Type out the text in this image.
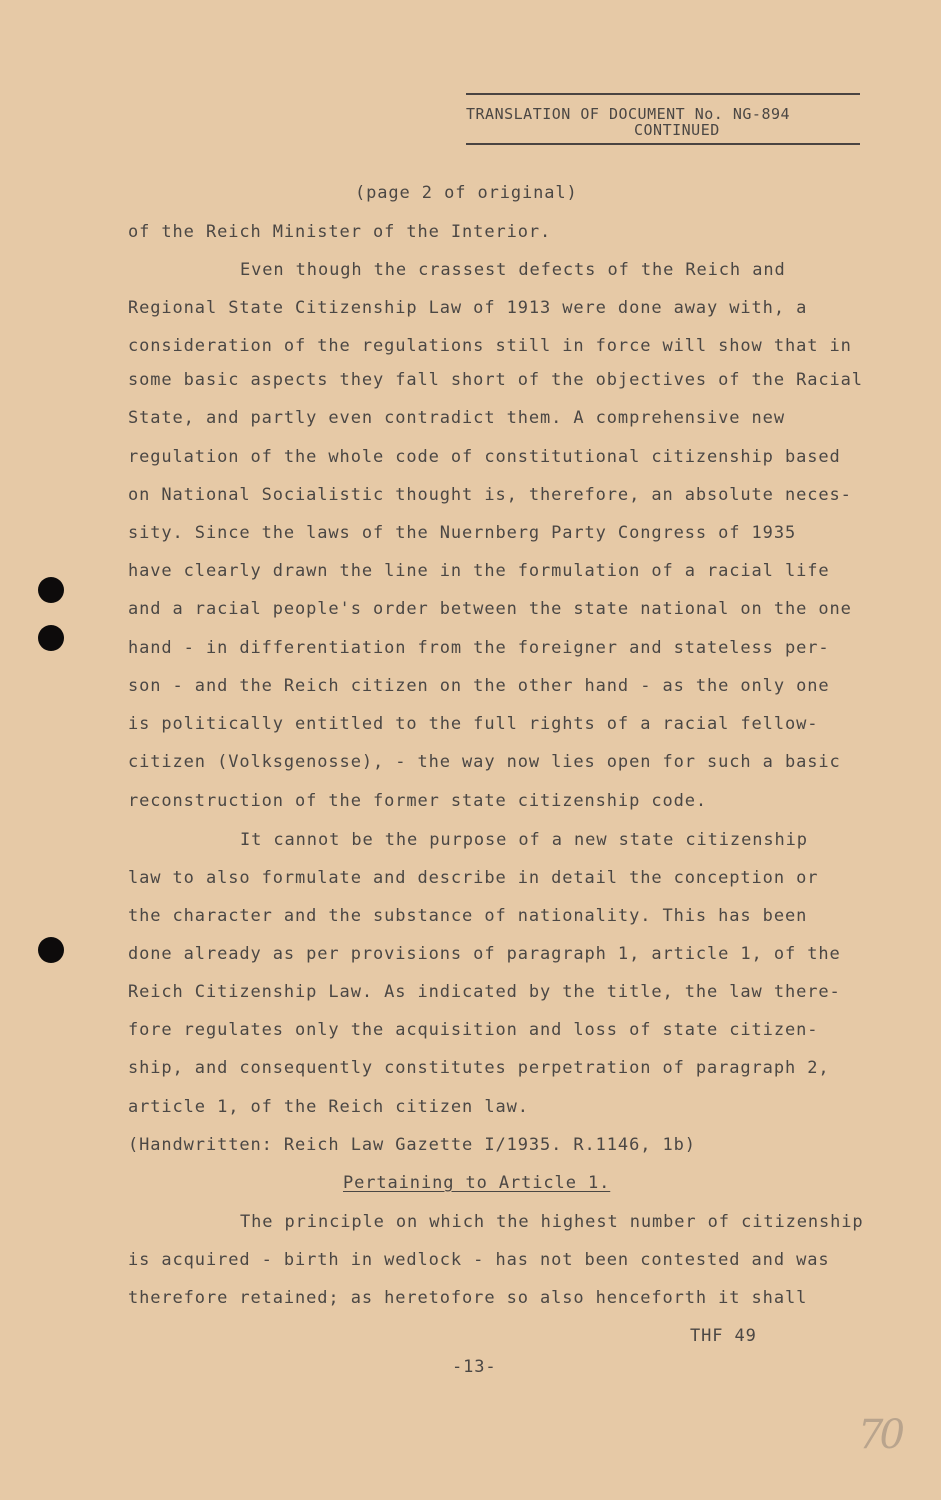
TRANSLATION OF DOCUMENT No. NG-894
CONTINUED
(page 2 of original)
of the Reich Minister of the Interior.
Even though the crassest defects of the Reich and
Regional State Citizenship Law of 1913 were done away with, a
consideration of the regulations still in force will show that in
some basic aspects they fall short of the objectives of the Racial
State, and partly even contradict them. A comprehensive new
regulation of the whole code of constitutional citizenship based
on National Socialistic thought is, therefore, an absolute neces-
sity. Since the laws of the Nuernberg Party Congress of 1935
have clearly drawn the line in the formulation of a racial life
and a racial people's order between the state national on the one
hand - in differentiation from the foreigner and stateless per-
son - and the Reich citizen on the other hand - as the only one
is politically entitled to the full rights of a racial fellow-
citizen (Volksgenosse), - the way now lies open for such a basic
reconstruction of the former state citizenship code.
It cannot be the purpose of a new state citizenship
law to also formulate and describe in detail the conception or
the character and the substance of nationality. This has been
done already as per provisions of paragraph 1, article 1, of the
Reich Citizenship Law. As indicated by the title, the law there-
fore regulates only the acquisition and loss of state citizen-
ship, and consequently constitutes perpetration of paragraph 2,
article 1, of the Reich citizen law.
(Handwritten: Reich Law Gazette I/1935. R.1146, 1b)
Pertaining to Article 1.
The principle on which the highest number of citizenship
is acquired - birth in wedlock - has not been contested and was
therefore retained; as heretofore so also henceforth it shall
THF 49
-13-
70
